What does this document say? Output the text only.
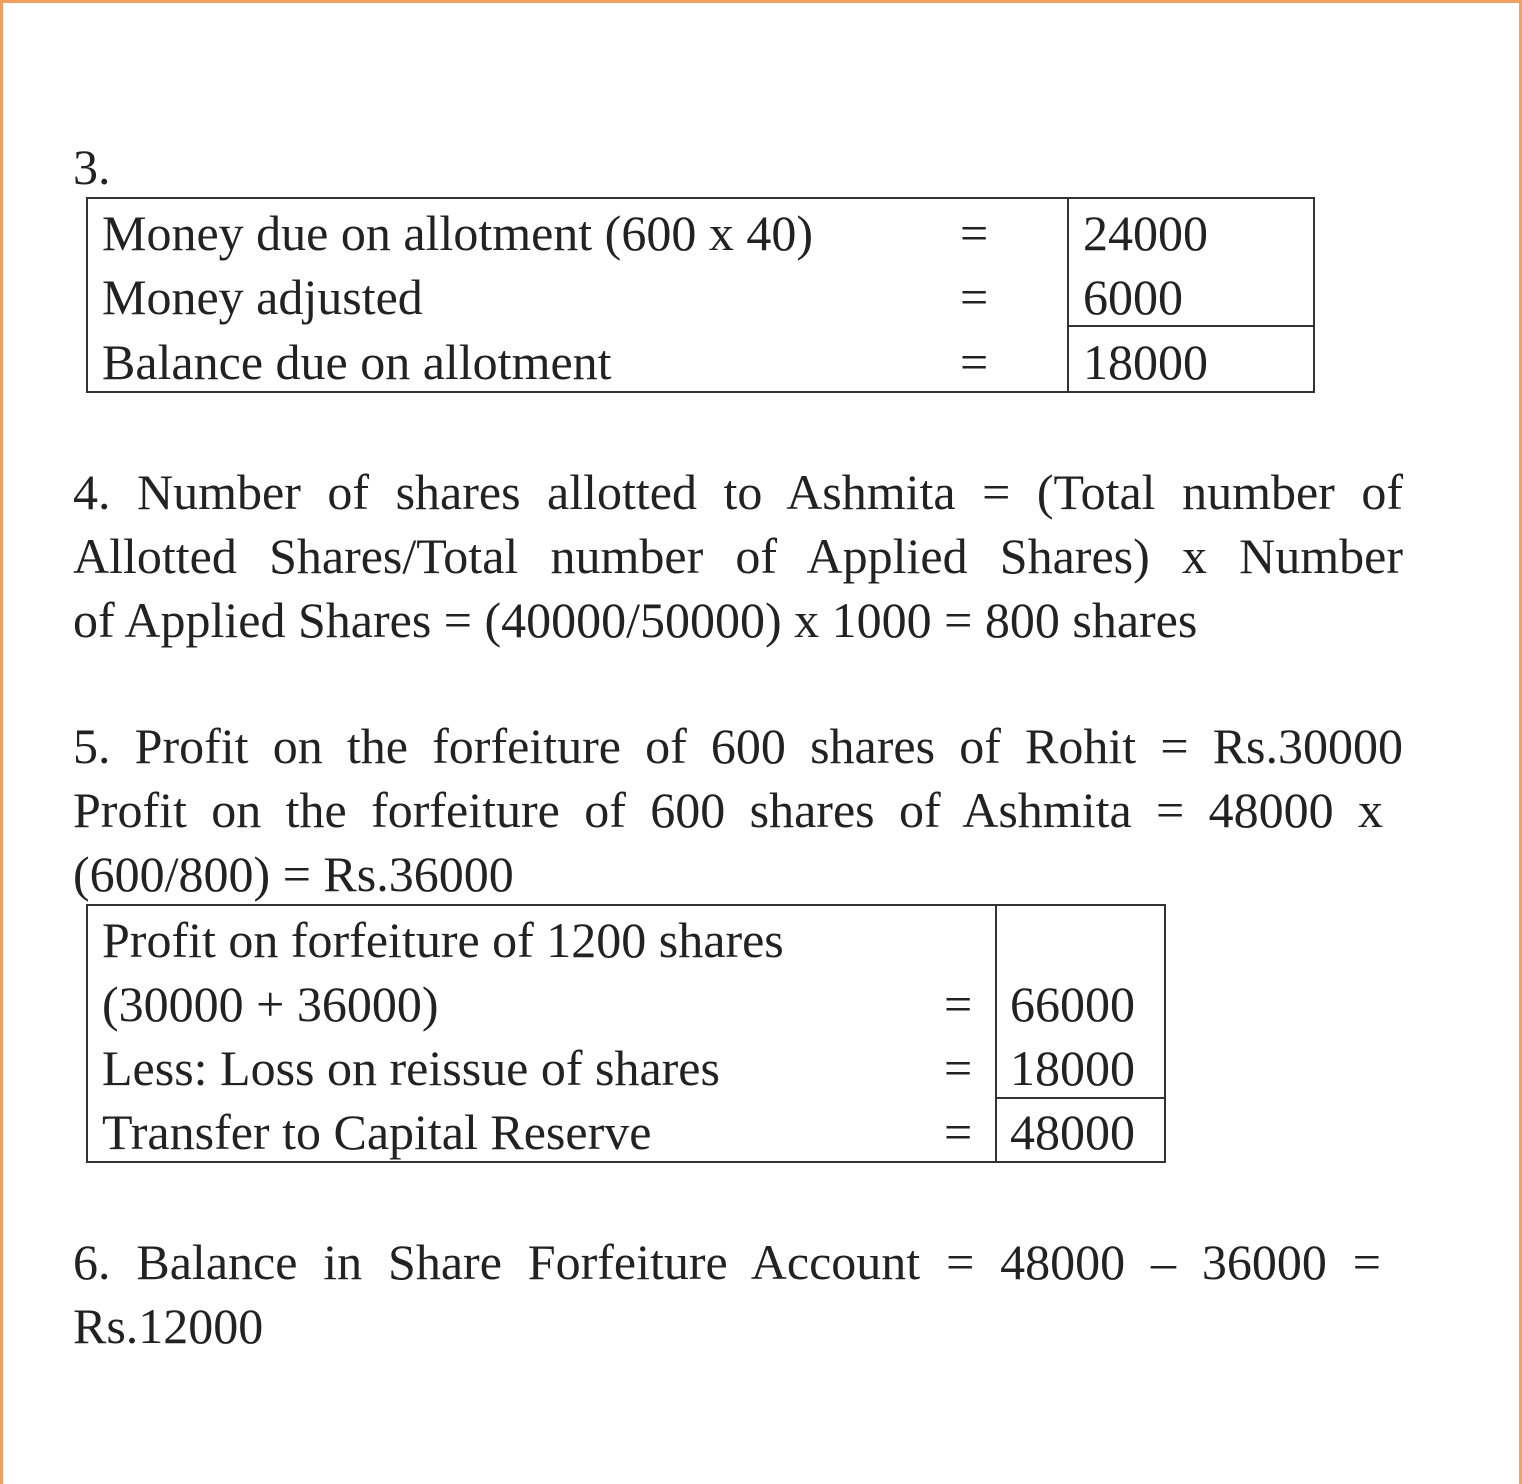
3.
Money due on allotment (600 x 40)	= 24000
Money adjusted	= 6000
Balance due on allotment	= 18000
4. Number of shares allotted to Ashmita = (Total number of
Allotted Shares/Total number of Applied Shares) x Number
of Applied Shares = (40000/50000) x 1000 = 800 shares
5. Profit on the forfeiture of 600 shares of Rohit = Rs.30000
Profit on the forfeiture of 600 shares of Ashmita = 48000 x
(600/800) = Rs.36000
Profit on forfeiture of 1200 shares
(30000 + 36000)	= 66000
Less: Loss on reissue of shares	= 18000
Transfer to Capital Reserve	= 48000
6. Balance in Share Forfeiture Account = 48000 – 36000 =
Rs.12000
